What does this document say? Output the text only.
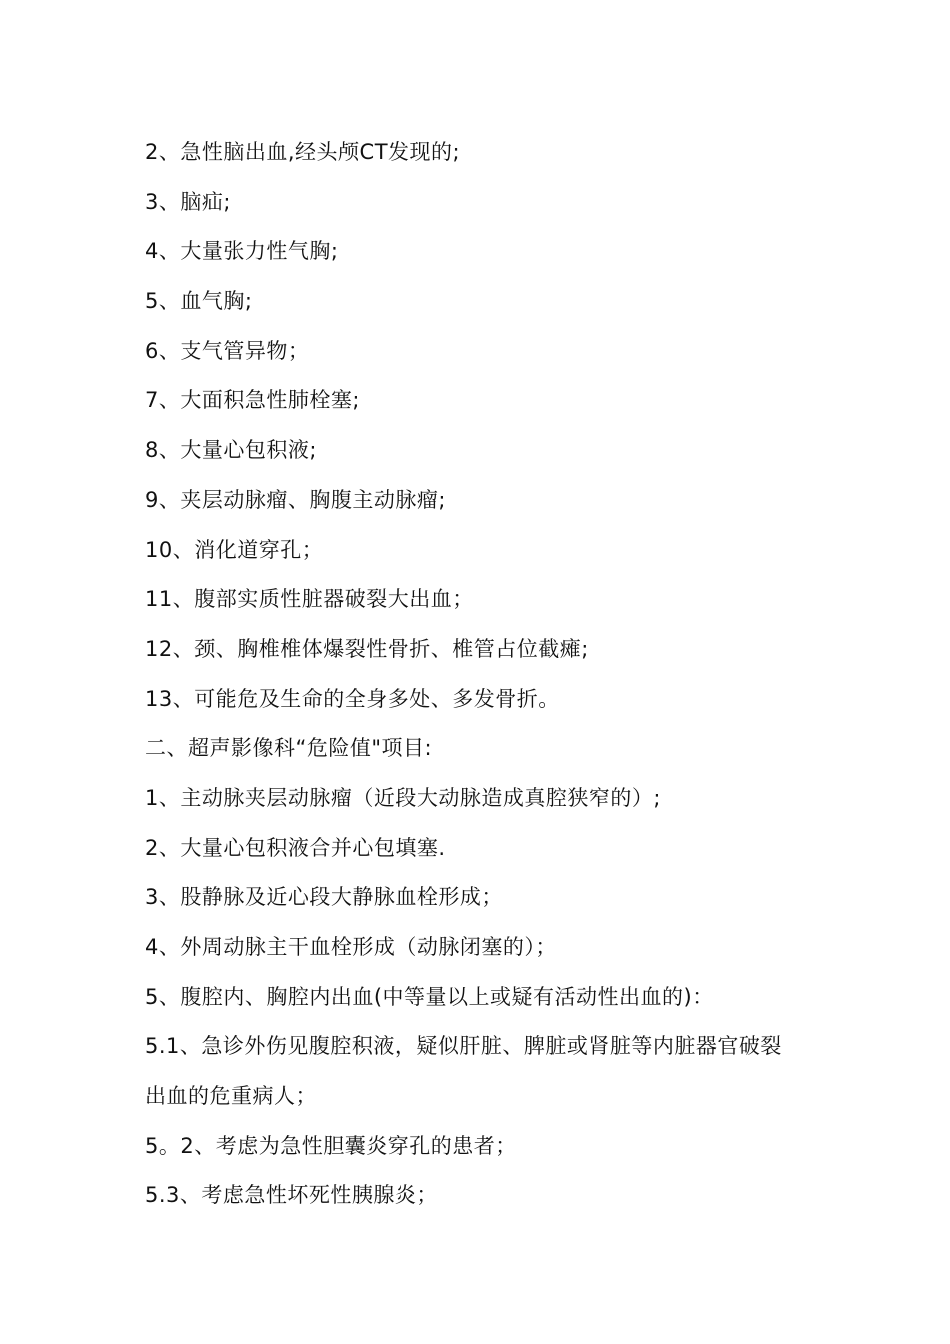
2、急性脑出血,经头颅CT发现的;
3、脑疝;
4、大量张力性气胸;
5、血气胸;
6、支气管异物；
7、大面积急性肺栓塞;
8、大量心包积液;
9、夹层动脉瘤、胸腹主动脉瘤;
10、消化道穿孔；
11、腹部实质性脏器破裂大出血；
12、颈、胸椎椎体爆裂性骨折、椎管占位截瘫;
13、可能危及生命的全身多处、多发骨折。
二、超声影像科“危险值"项目:
1、主动脉夹层动脉瘤（近段大动脉造成真腔狭窄的）;
2、大量心包积液合并心包填塞.
3、股静脉及近心段大静脉血栓形成；
4、外周动脉主干血栓形成（动脉闭塞的）；
5、腹腔内、胸腔内出血(中等量以上或疑有活动性出血的)：
5.1、急诊外伤见腹腔积液，疑似肝脏、脾脏或肾脏等内脏器官破裂
出血的危重病人；
5。2、考虑为急性胆囊炎穿孔的患者；
5.3、考虑急性坏死性胰腺炎；
